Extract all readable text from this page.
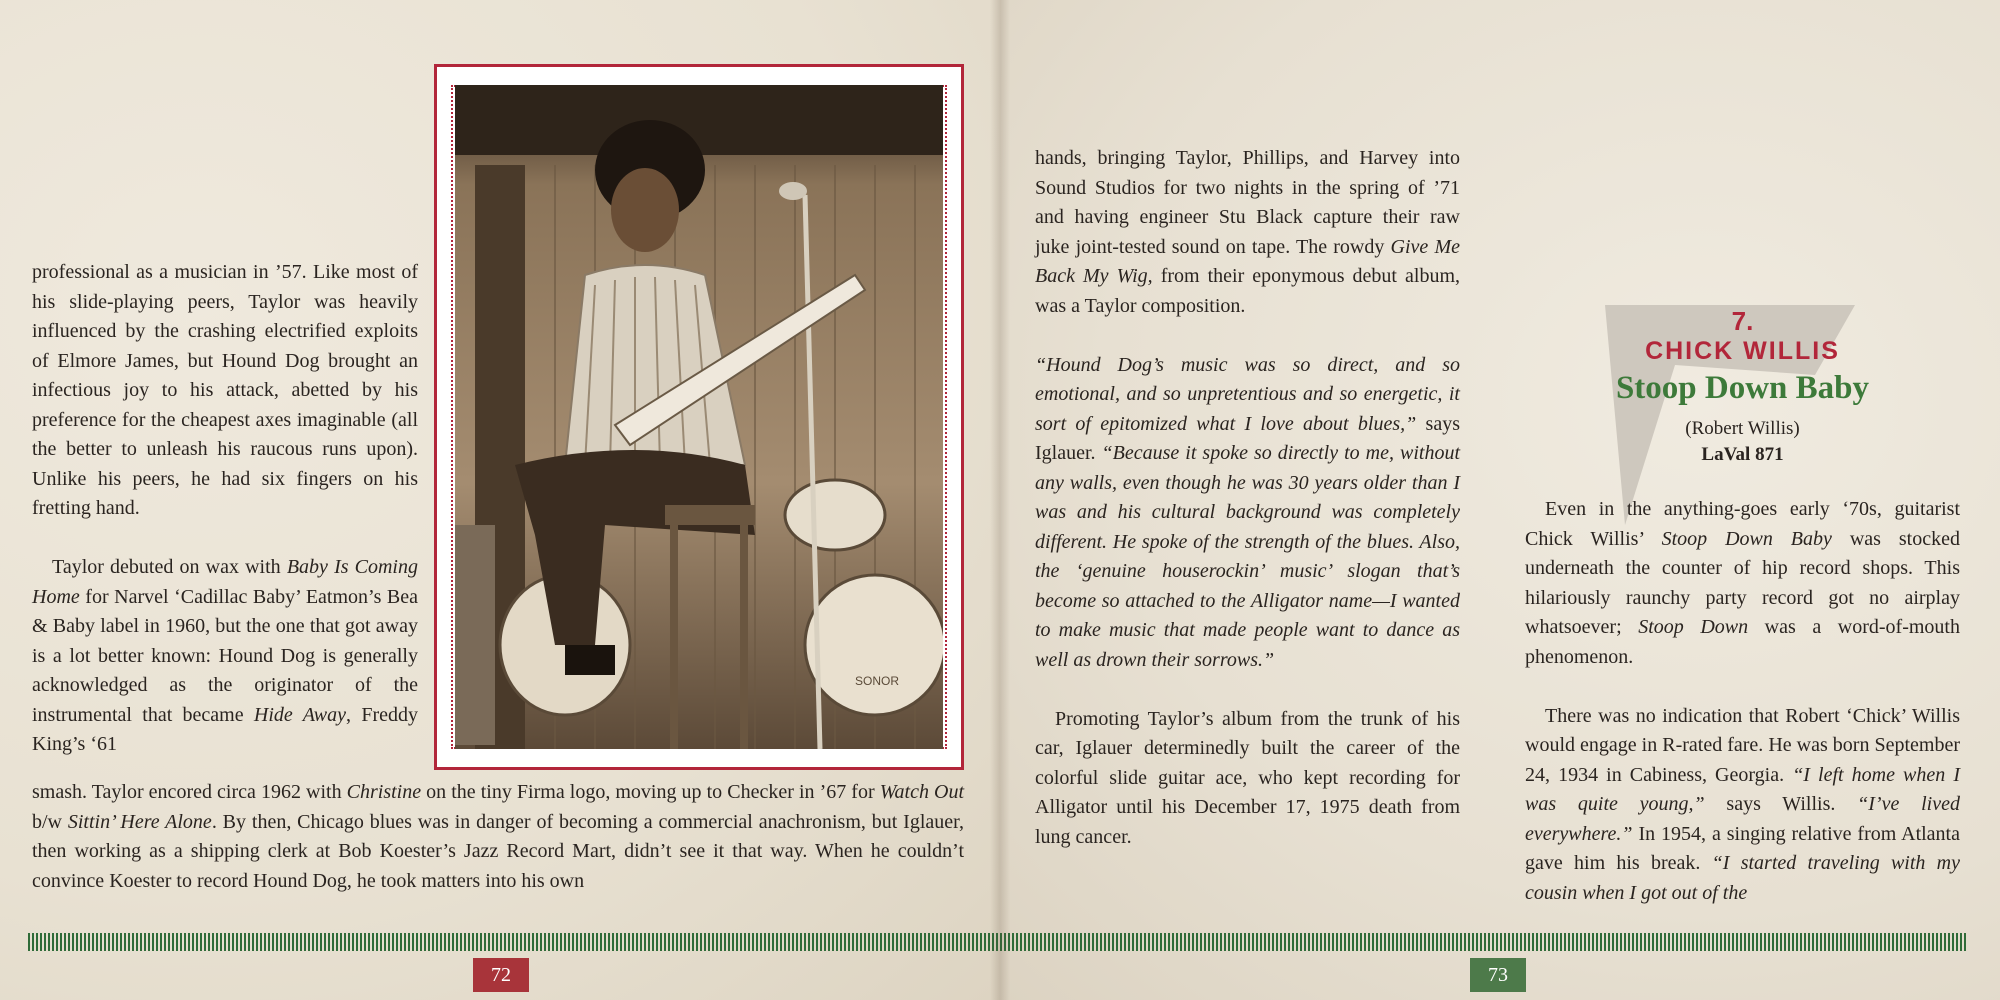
professional as a musician in ’57. Like most of his slide-playing peers, Taylor was heavily influenced by the crashing electrified exploits of Elmore James, but Hound Dog brought an infectious joy to his attack, abetted by his preference for the cheapest axes imaginable (all the better to unleash his raucous runs upon). Unlike his peers, he had six fingers on his fretting hand.

Taylor debuted on wax with Baby Is Coming Home for Narvel ‘Cadillac Baby’ Eatmon’s Bea & Baby label in 1960, but the one that got away is a lot better known: Hound Dog is generally acknowledged as the originator of the instrumental that became Hide Away, Freddy King’s ‘61

smash. Taylor encored circa 1962 with Christine on the tiny Firma logo, moving up to Checker in ’67 for Watch Out b/w Sittin’ Here Alone. By then, Chicago blues was in danger of becoming a commercial anachronism, but Iglauer, then working as a shipping clerk at Bob Koester’s Jazz Record Mart, didn’t see it that way. When he couldn’t convince Koester to record Hound Dog, he took matters into his own

SONOR
72

hands, bringing Taylor, Phillips, and Harvey into Sound Studios for two nights in the spring of ’71 and having engineer Stu Black capture their raw juke joint-tested sound on tape. The rowdy Give Me Back My Wig, from their eponymous debut album, was a Taylor composition.

“Hound Dog’s music was so direct, and so emotional, and so unpretentious and so energetic, it sort of epitomized what I love about blues,” says Iglauer. “Because it spoke so directly to me, without any walls, even though he was 30 years older than I was and his cultural background was completely different. He spoke of the strength of the blues. Also, the ‘genuine houserockin’ music’ slogan that’s become so attached to the Alligator name—I wanted to make music that made people want to dance as well as drown their sorrows.”

Promoting Taylor’s album from the trunk of his car, Iglauer determinedly built the career of the colorful slide guitar ace, who kept recording for Alligator until his December 17, 1975 death from lung cancer.

7.
CHICK WILLIS
Stoop Down Baby
(Robert Willis)
LaVal 871

Even in the anything-goes early ‘70s, guitarist Chick Willis’ Stoop Down Baby was stocked underneath the counter of hip record shops. This hilariously raunchy party record got no airplay whatsoever; Stoop Down was a word-of-mouth phenomenon.

There was no indication that Robert ‘Chick’ Willis would engage in R-rated fare. He was born September 24, 1934 in Cabiness, Georgia. “I left home when I was quite young,” says Willis. “I’ve lived everywhere.” In 1954, a singing relative from Atlanta gave him his break. “I started traveling with my cousin when I got out of the

73
